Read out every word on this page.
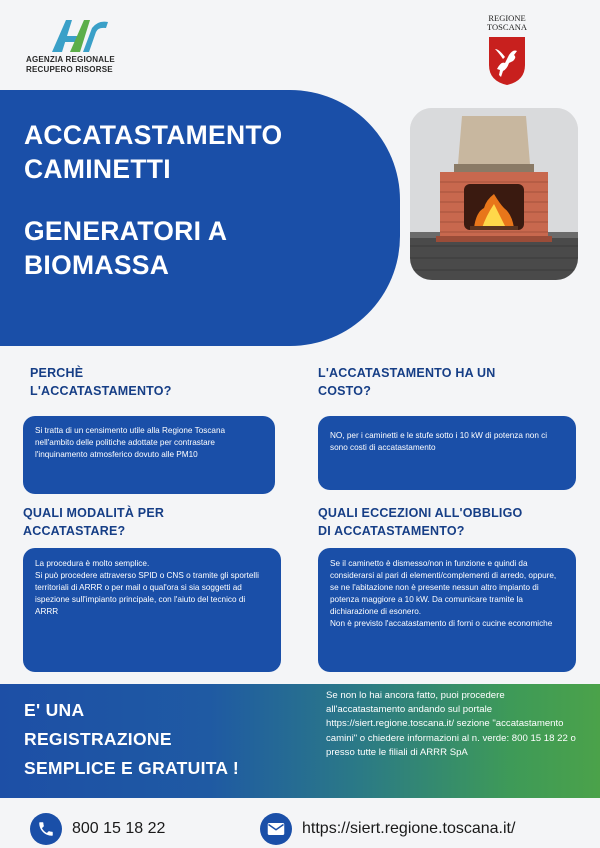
AGENZIA REGIONALE
RECUPERO RISORSE
REGIONE
TOSCANA
ACCATASTAMENTO
CAMINETTI
GENERATORI A
BIOMASSA
PERCHÈ
L'ACCATASTAMENTO?

Si tratta di un censimento utile alla Regione Toscana nell'ambito delle politiche adottate per contrastare l'inquinamento atmosferico dovuto alle PM10

L'ACCATASTAMENTO HA UN
COSTO?

NO, per i caminetti e le stufe sotto i 10 kW di potenza non ci sono costi di accatastamento

QUALI MODALITÀ PER
ACCATASTARE?

La procedura è molto semplice.

Si può procedere attraverso SPID o CNS o tramite gli sportelli territoriali di ARRR o per mail o qual'ora si sia soggetti ad ispezione sull'impianto principale, con l'aiuto del tecnico di ARRR

QUALI ECCEZIONI ALL'OBBLIGO
DI ACCATASTAMENTO?

Se il caminetto è dismesso/non in funzione e quindi da considerarsi al pari di elementi/complementi di arredo, oppure, se ne l'abitazione non è presente nessun altro impianto di potenza maggiore a 10 kW. Da comunicare tramite la dichiarazione di esonero.

Non è previsto l'accatastamento di forni o cucine economiche

E' UNA
REGISTRAZIONE
SEMPLICE E GRATUITA !
Se non lo hai ancora fatto, puoi procedere all'accatastamento andando sul portale https://siert.regione.toscana.it/ sezione "accatastamento camini" o chiedere informazioni al n. verde: 800 15 18 22 o presso tutte le filiali di ARRR SpA
800 15 18 22	https://siert.regione.toscana.it/
